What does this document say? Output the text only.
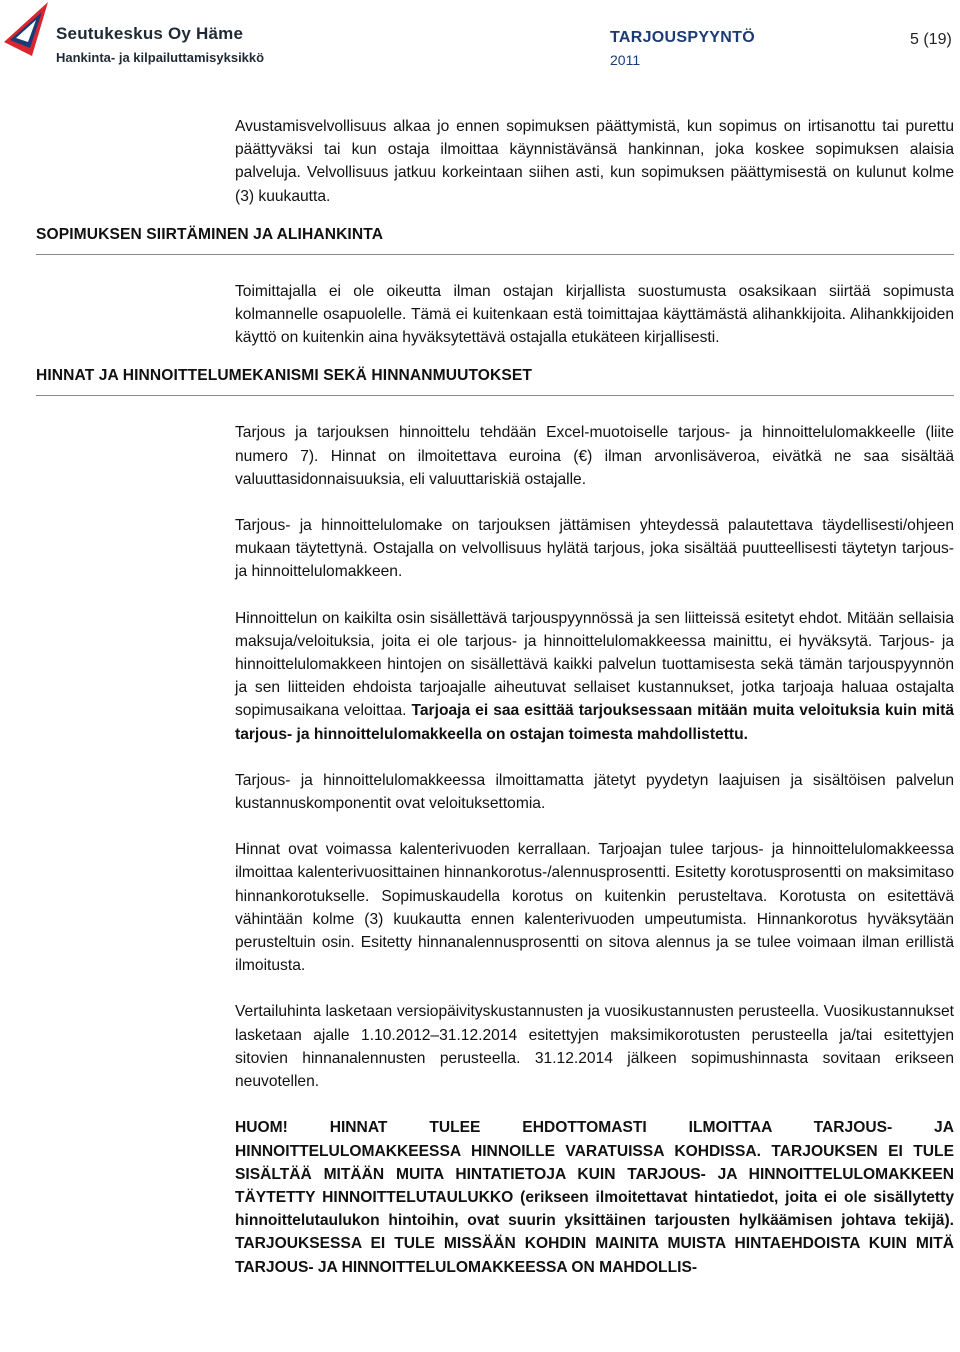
Seutukeskus Oy Häme
Hankinta- ja kilpailuttamisyksikkö
TARJOUSPYYNTÖ
2011
5 (19)

Avustamisvelvollisuus alkaa jo ennen sopimuksen päättymistä, kun sopimus on irtisanottu tai purettu päättyväksi tai kun ostaja ilmoittaa käynnistävänsä hankinnan, joka koskee sopimuksen alaisia palveluja. Velvollisuus jatkuu korkeintaan siihen asti, kun sopimuksen päättymisestä on kulunut kolme (3) kuukautta.

SOPIMUKSEN SIIRTÄMINEN JA ALIHANKINTA

Toimittajalla ei ole oikeutta ilman ostajan kirjallista suostumusta osaksikaan siirtää sopimusta kolmannelle osapuolelle. Tämä ei kuitenkaan estä toimittajaa käyttämästä alihankkijoita. Alihankkijoiden käyttö on kuitenkin aina hyväksytettävä ostajalla etukäteen kirjallisesti.

HINNAT JA HINNOITTELUMEKANISMI SEKÄ HINNANMUUTOKSET

Tarjous ja tarjouksen hinnoittelu tehdään Excel-muotoiselle tarjous- ja hinnoittelulomakkeelle (liite numero 7). Hinnat on ilmoitettava euroina (€) ilman arvonlisäveroa, eivätkä ne saa sisältää valuuttasidonnaisuuksia, eli valuuttariskiä ostajalle.

Tarjous- ja hinnoittelulomake on tarjouksen jättämisen yhteydessä palautettava täydellisesti/ohjeen mukaan täytettynä. Ostajalla on velvollisuus hylätä tarjous, joka sisältää puutteellisesti täytetyn tarjous- ja hinnoittelulomakkeen.

Hinnoittelun on kaikilta osin sisällettävä tarjouspyynnössä ja sen liitteissä esitetyt ehdot. Mitään sellaisia maksuja/veloituksia, joita ei ole tarjous- ja hinnoittelulomakkeessa mainittu, ei hyväksytä. Tarjous- ja hinnoittelulomakkeen hintojen on sisällettävä kaikki palvelun tuottamisesta sekä tämän tarjouspyynnön ja sen liitteiden ehdoista tarjoajalle aiheutuvat sellaiset kustannukset, jotka tarjoaja haluaa ostajalta sopimusaikana veloittaa. Tarjoaja ei saa esittää tarjouksessaan mitään muita veloituksia kuin mitä tarjous- ja hinnoittelulomakkeella on ostajan toimesta mahdollistettu.

Tarjous- ja hinnoittelulomakkeessa ilmoittamatta jätetyt pyydetyn laajuisen ja sisältöisen palvelun kustannuskomponentit ovat veloituksettomia.

Hinnat ovat voimassa kalenterivuoden kerrallaan. Tarjoajan tulee tarjous- ja hinnoittelulomakkeessa ilmoittaa kalenterivuosittainen hinnankorotus-/alennusprosentti. Esitetty korotusprosentti on maksimitaso hinnankorotukselle. Sopimuskaudella korotus on kuitenkin perusteltava. Korotusta on esitettävä vähintään kolme (3) kuukautta ennen kalenterivuoden umpeutumista. Hinnankorotus hyväksytään perusteltuin osin. Esitetty hinnanalennusprosentti on sitova alennus ja se tulee voimaan ilman erillistä ilmoitusta.

Vertailuhinta lasketaan versiopäivityskustannusten ja vuosikustannusten perusteella. Vuosikustannukset lasketaan ajalle 1.10.2012–31.12.2014 esitettyjen maksimikorotusten perusteella ja/tai esitettyjen sitovien hinnanalennusten perusteella. 31.12.2014 jälkeen sopimushinnasta sovitaan erikseen neuvotellen.

HUOM! HINNAT TULEE EHDOTTOMASTI ILMOITTAA TARJOUS- JA HINNOITTELULOMAKKEESSA HINNOILLE VARATUISSA KOHDISSA. TARJOUKSEN EI TULE SISÄLTÄÄ MITÄÄN MUITA HINTATIETOJA KUIN TARJOUS- JA HINNOITTELULOMAKKEEN TÄYTETTY HINNOITTELUTAULUKKO (erikseen ilmoitettavat hintatiedot, joita ei ole sisällytetty hinnoittelutaulukon hintoihin, ovat suurin yksittäinen tarjousten hylkäämisen johtava tekijä). TARJOUKSESSA EI TULE MISSÄÄN KOHDIN MAINITA MUISTA HINTAEHDOISTA KUIN MITÄ TARJOUS- JA HINNOITTELULOMAKKEESSA ON MAHDOLLIS-
